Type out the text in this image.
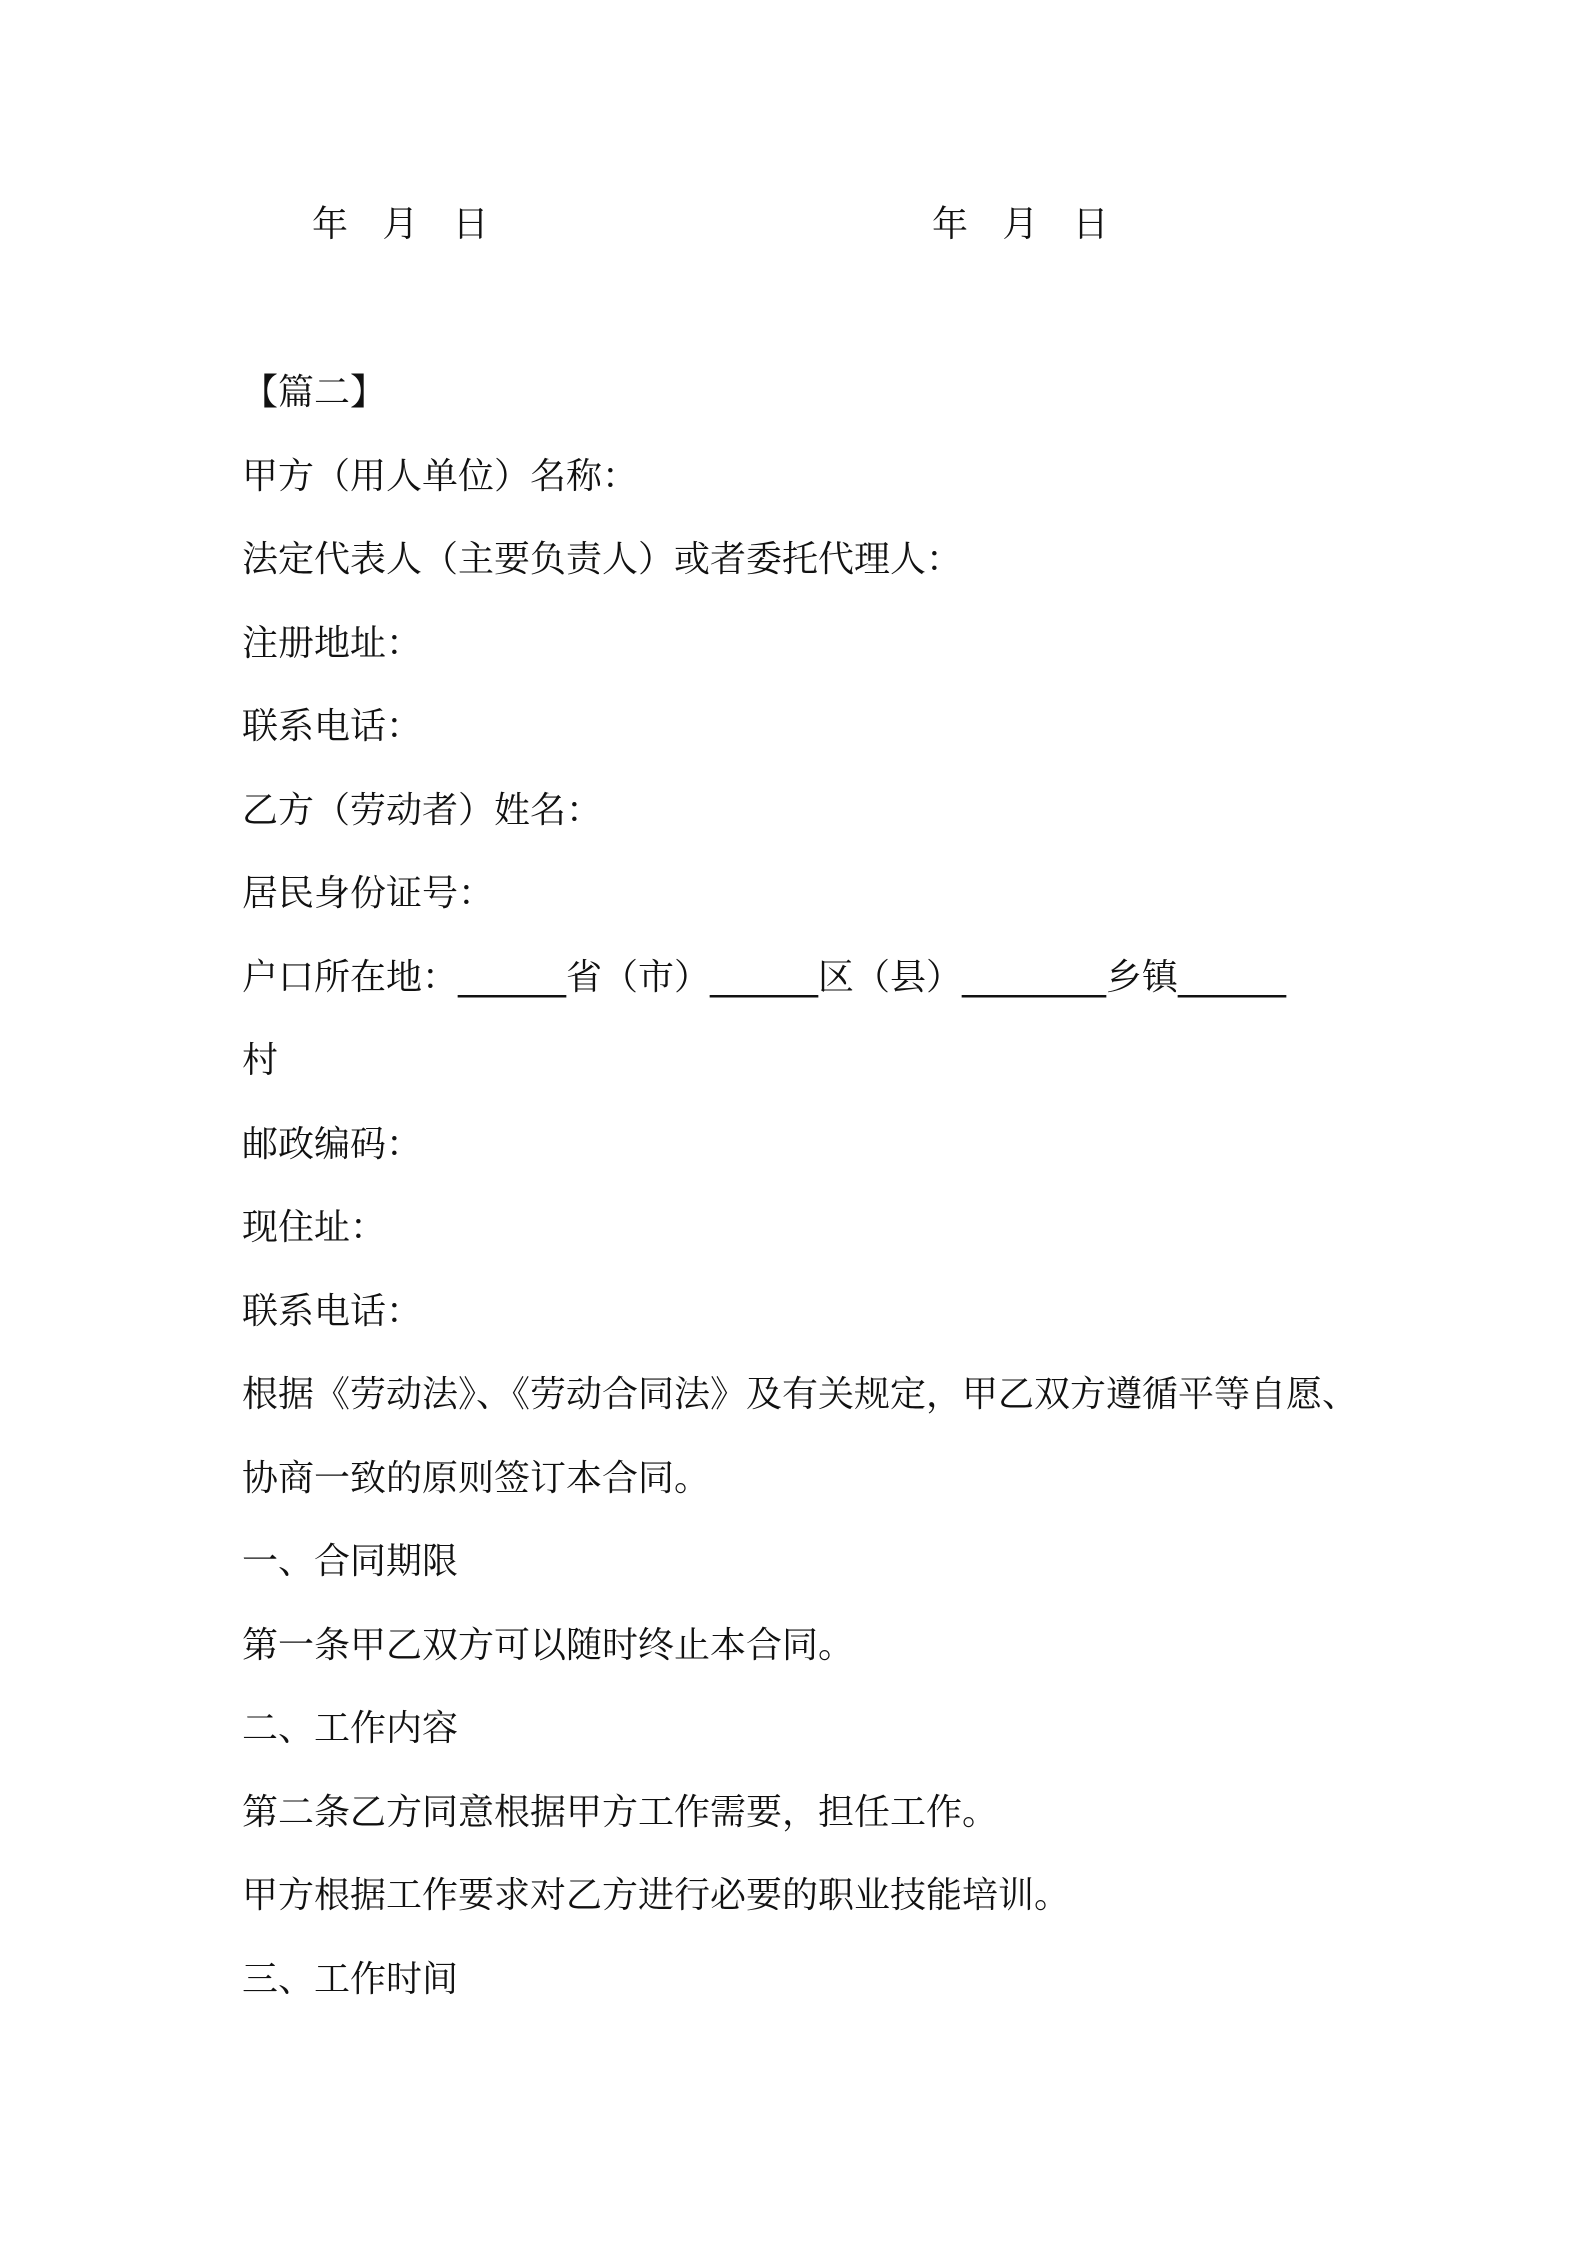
年   月   日	年   月   日
【篇二】
甲方（用人单位）名称：
法定代表人（主要负责人）或者委托代理人：
注册地址：
联系电话：
乙方（劳动者）姓名：
居民身份证号：
户口所在地：______省（市）______区（县）________乡镇______
村
邮政编码：
现住址：
联系电话：
根据《劳动法》、《劳动合同法》及有关规定，甲乙双方遵循平等自愿、
协商一致的原则签订本合同。
一、合同期限
第一条甲乙双方可以随时终止本合同。
二、工作内容
第二条乙方同意根据甲方工作需要，担任工作。
甲方根据工作要求对乙方进行必要的职业技能培训。
三、工作时间
